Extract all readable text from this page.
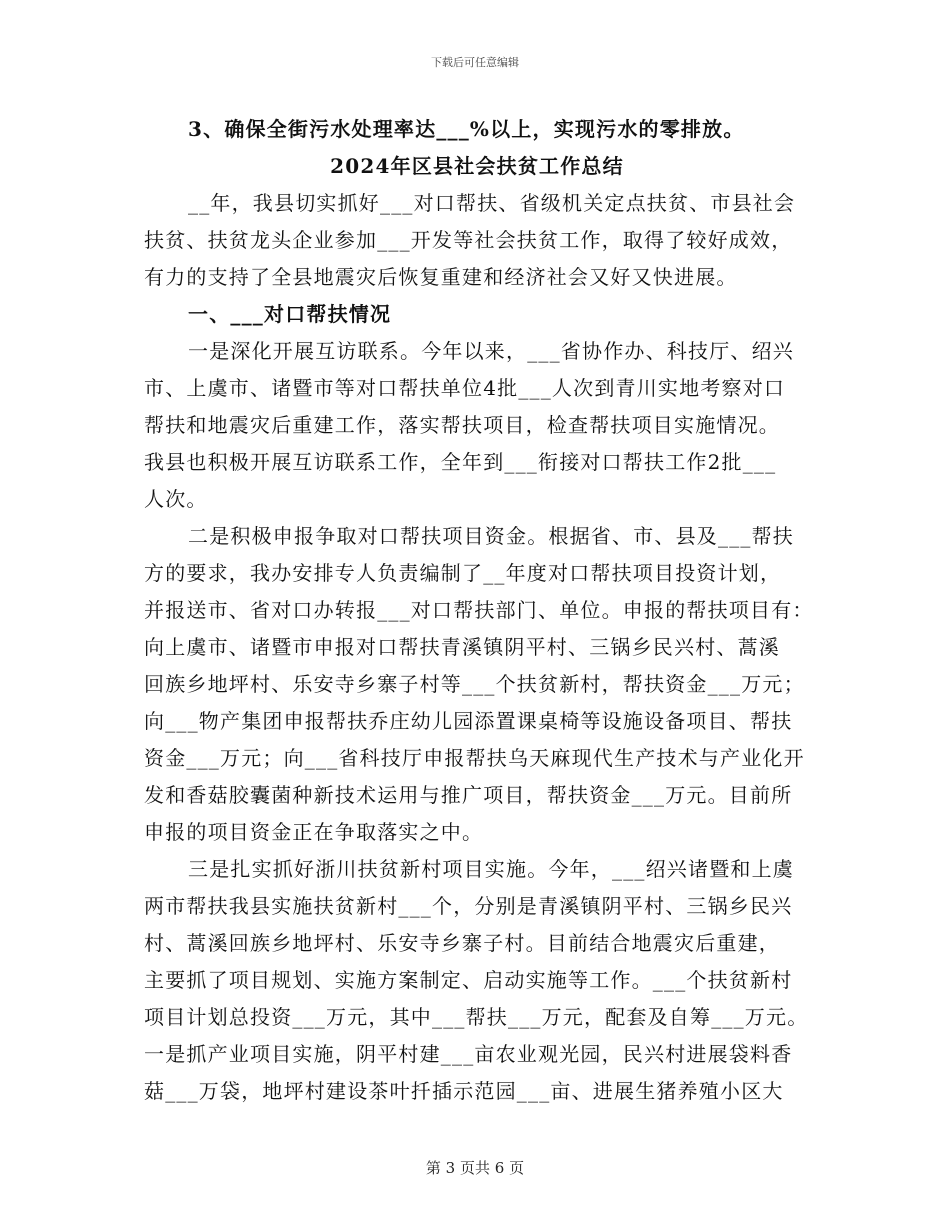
下载后可任意编辑
3、确保全街污水处理率达___%以上，实现污水的零排放。
2024年区县社会扶贫工作总结
__年，我县切实抓好___对口帮扶、省级机关定点扶贫、市县社会
扶贫、扶贫龙头企业参加___开发等社会扶贫工作，取得了较好成效，
有力的支持了全县地震灾后恢复重建和经济社会又好又快进展。
一、___对口帮扶情况
一是深化开展互访联系。今年以来，___省协作办、科技厅、绍兴
市、上虞市、诸暨市等对口帮扶单位4批___人次到青川实地考察对口
帮扶和地震灾后重建工作，落实帮扶项目，检查帮扶项目实施情况。
我县也积极开展互访联系工作，全年到___衔接对口帮扶工作2批___
人次。
二是积极申报争取对口帮扶项目资金。根据省、市、县及___帮扶
方的要求，我办安排专人负责编制了__年度对口帮扶项目投资计划，
并报送市、省对口办转报___对口帮扶部门、单位。申报的帮扶项目有：
向上虞市、诸暨市申报对口帮扶青溪镇阴平村、三锅乡民兴村、蒿溪
回族乡地坪村、乐安寺乡寨子村等___个扶贫新村，帮扶资金___万元；
向___物产集团申报帮扶乔庄幼儿园添置课桌椅等设施设备项目、帮扶
资金___万元；向___省科技厅申报帮扶乌天麻现代生产技术与产业化开
发和香菇胶囊菌种新技术运用与推广项目，帮扶资金___万元。目前所
申报的项目资金正在争取落实之中。
三是扎实抓好浙川扶贫新村项目实施。今年，___绍兴诸暨和上虞
两市帮扶我县实施扶贫新村___个，分别是青溪镇阴平村、三锅乡民兴
村、蒿溪回族乡地坪村、乐安寺乡寨子村。目前结合地震灾后重建，
主要抓了项目规划、实施方案制定、启动实施等工作。___个扶贫新村
项目计划总投资___万元，其中___帮扶___万元，配套及自筹___万元。
一是抓产业项目实施，阴平村建___亩农业观光园，民兴村进展袋料香
菇___万袋，地坪村建设茶叶扦插示范园___亩、进展生猪养殖小区大
第 3 页共 6 页
